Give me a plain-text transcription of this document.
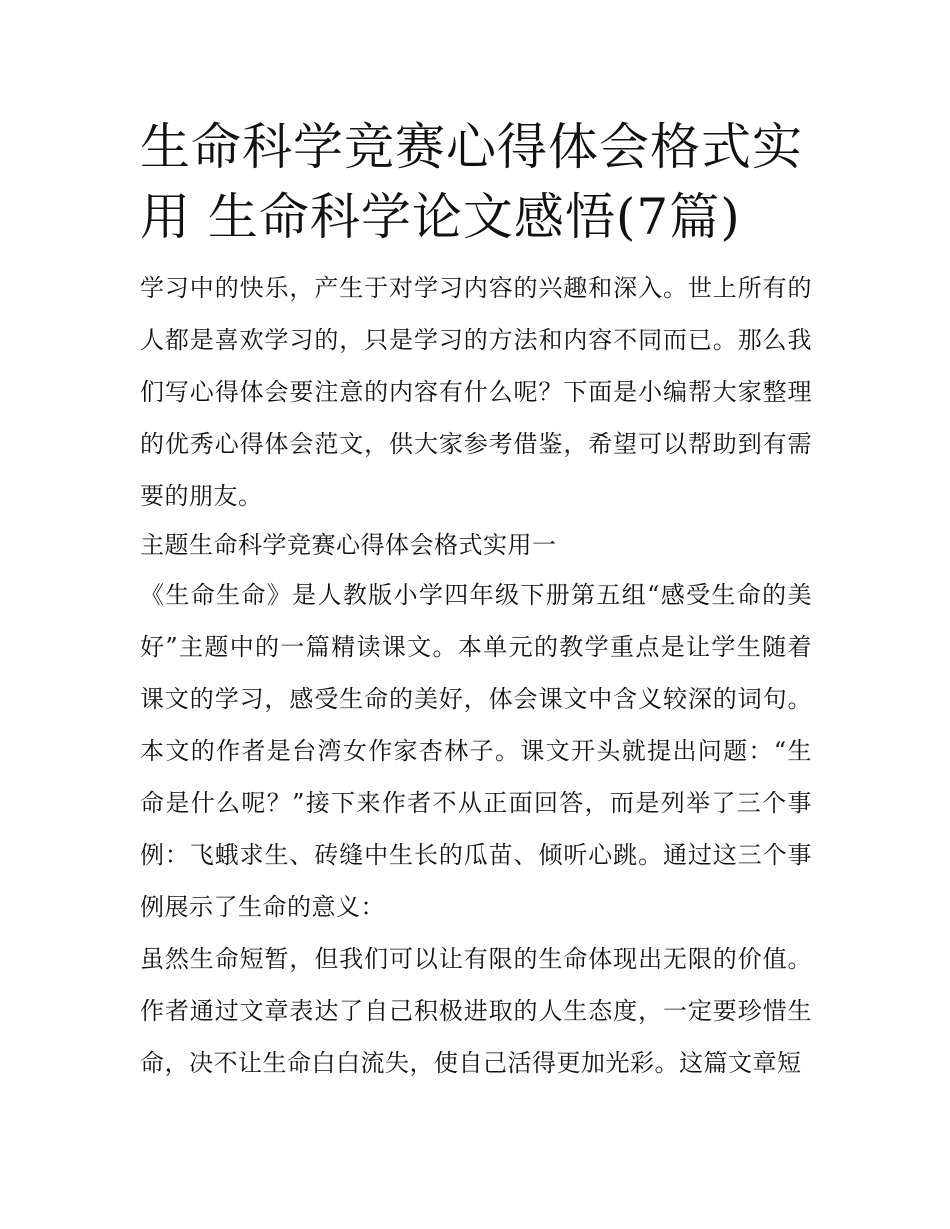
生命科学竞赛心得体会格式实用 生命科学论文感悟(7篇)

学习中的快乐，产生于对学习内容的兴趣和深入。世上所有的人都是喜欢学习的，只是学习的方法和内容不同而已。那么我们写心得体会要注意的内容有什么呢？下面是小编帮大家整理的优秀心得体会范文，供大家参考借鉴，希望可以帮助到有需要的朋友。

主题生命科学竞赛心得体会格式实用一

《生命生命》是人教版小学四年级下册第五组“感受生命的美好”主题中的一篇精读课文。本单元的教学重点是让学生随着课文的学习，感受生命的美好，体会课文中含义较深的词句。本文的作者是台湾女作家杏林子。课文开头就提出问题：“生命是什么呢？”接下来作者不从正面回答，而是列举了三个事例：飞蛾求生、砖缝中生长的瓜苗、倾听心跳。通过这三个事例展示了生命的意义：

虽然生命短暂，但我们可以让有限的生命体现出无限的价值。作者通过文章表达了自己积极进取的人生态度，一定要珍惜生命，决不让生命白白流失，使自己活得更加光彩。这篇文章短
